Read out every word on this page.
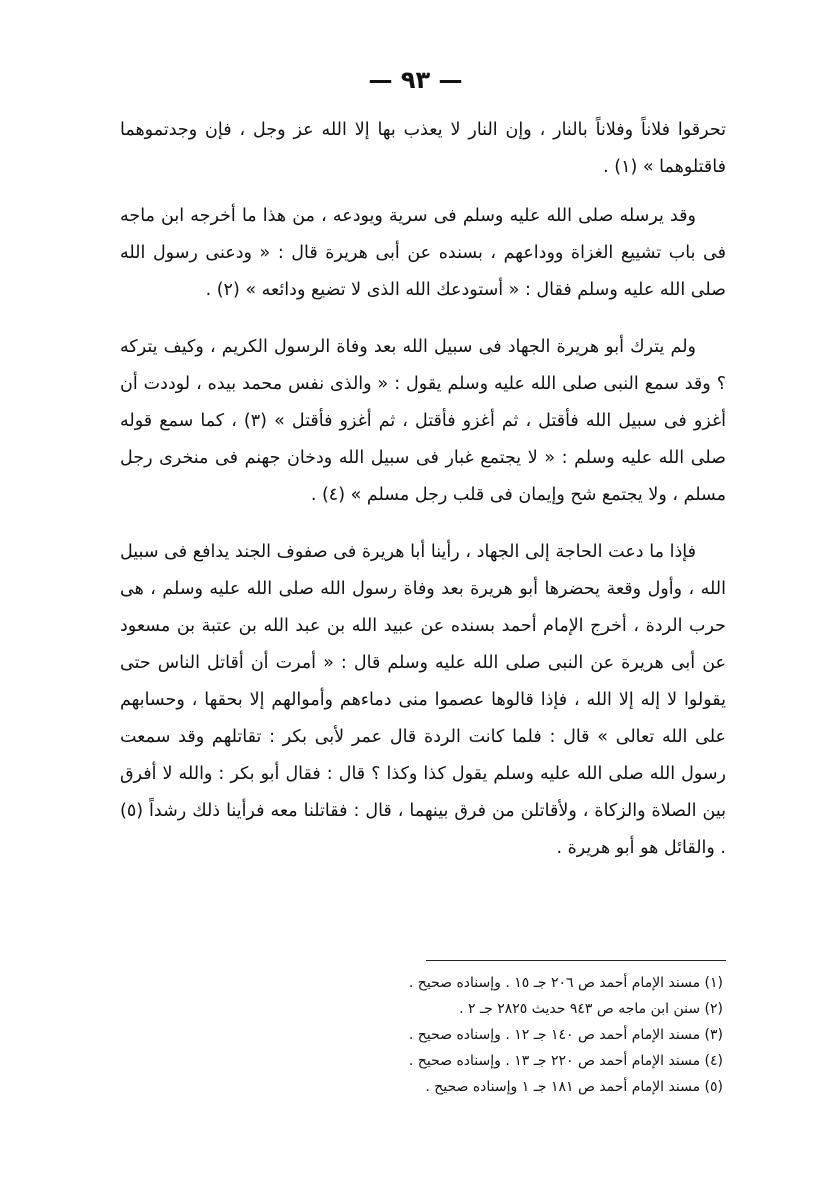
— ٩٣ —

تحرقوا فلاناً وفلاناً بالنار ، وإن النار لا يعذب بها إلا الله عز وجل ، فإن وجدتموهما فاقتلوهما » (١) .

وقد يرسله صلى الله عليه وسلم فى سرية ويودعه ، من هذا ما أخرجه ابن ماجه فى باب تشييع الغزاة ووداعهم ، بسنده عن أبى هريرة قال : « ودعنى رسول الله صلى الله عليه وسلم فقال : « أستودعك الله الذى لا تضيع ودائعه » (٢) .

ولم يترك أبو هريرة الجهاد فى سبيل الله بعد وفاة الرسول الكريم ، وكيف يتركه ؟ وقد سمع النبى صلى الله عليه وسلم يقول : « والذى نفس محمد بيده ، لوددت أن أغزو فى سبيل الله فأقتل ، ثم أغزو فأقتل ، ثم أغزو فأقتل » (٣) ، كما سمع قوله صلى الله عليه وسلم : « لا يجتمع غبار فى سبيل الله ودخان جهنم فى منخرى رجل مسلم ، ولا يجتمع شح وإيمان فى قلب رجل مسلم » (٤) .

فإذا ما دعت الحاجة إلى الجهاد ، رأينا أبا هريرة فى صفوف الجند يدافع فى سبيل الله ، وأول وقعة يحضرها أبو هريرة بعد وفاة رسول الله صلى الله عليه وسلم ، هى حرب الردة ، أخرج الإمام أحمد بسنده عن عبيد الله بن عبد الله بن عتبة بن مسعود عن أبى هريرة عن النبى صلى الله عليه وسلم قال : « أمرت أن أقاتل الناس حتى يقولوا لا إله إلا الله ، فإذا قالوها عصموا منى دماءهم وأموالهم إلا بحقها ، وحسابهم على الله تعالى » قال : فلما كانت الردة قال عمر لأبى بكر : تقاتلهم وقد سمعت رسول الله صلى الله عليه وسلم يقول كذا وكذا ؟ قال : فقال أبو بكر : والله لا أفرق بين الصلاة والزكاة ، ولأقاتلن من فرق بينهما ، قال : فقاتلنا معه فرأينا ذلك رشداً (٥) . والقائل هو أبو هريرة .

(١) مسند الإمام أحمد ص ٢٠٦ جـ ١٥ . وإسناده صحيح .
(٢) سنن ابن ماجه ص ٩٤٣ حديث ٢٨٢٥ جـ ٢ .
(٣) مسند الإمام أحمد ص ١٤٠ جـ ١٢ . وإسناده صحيح .
(٤) مسند الإمام أحمد ص ٢٢٠ جـ ١٣ . وإسناده صحيح .
(٥) مسند الإمام أحمد ص ١٨١ جـ ١ وإسناده صحيح .
